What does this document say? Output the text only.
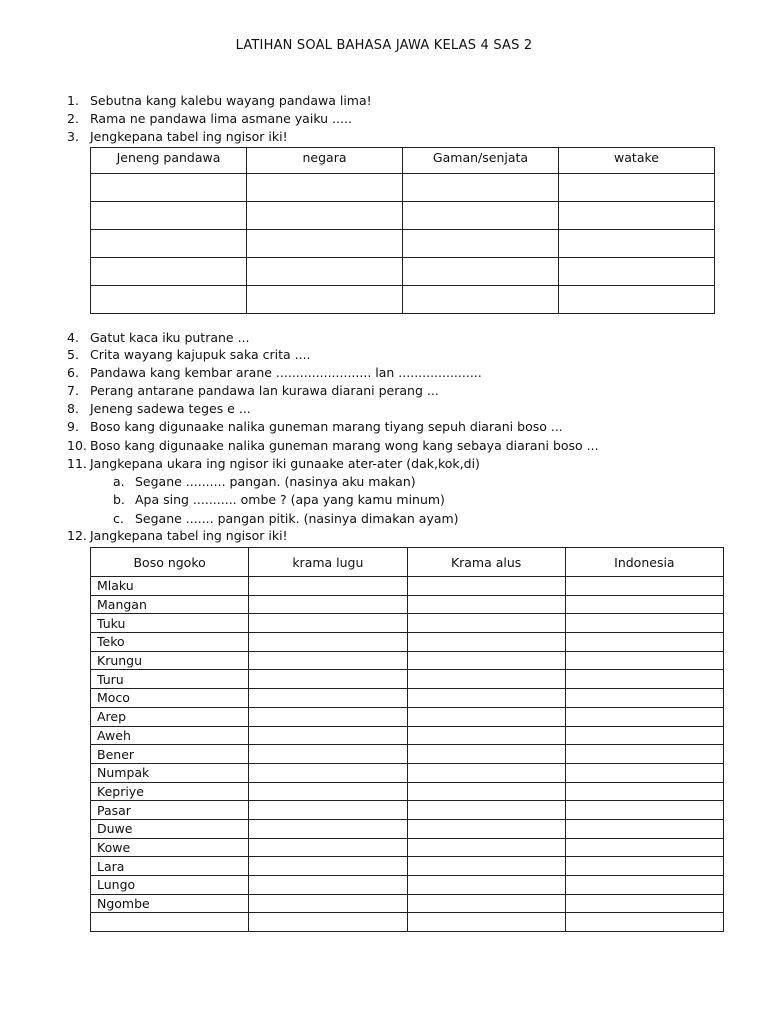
LATIHAN SOAL BAHASA JAWA KELAS 4 SAS 2
1. Sebutna kang kalebu wayang pandawa lima!
2. Rama ne pandawa lima asmane yaiku .....
3. Jengkepana tabel ing ngisor iki!
Jeneng pandawa	negara	Gaman/senjata	watake

4. Gatut kaca iku putrane ...
5. Crita wayang kajupuk saka crita ....
6. Pandawa kang kembar arane ........................ lan .....................
7. Perang antarane pandawa lan kurawa diarani perang ...
8. Jeneng sadewa teges e ...
9. Boso kang digunaake nalika guneman marang tiyang sepuh diarani boso ...
10. Boso kang digunaake nalika guneman marang wong kang sebaya diarani boso ...
11. Jangkepana ukara ing ngisor iki gunaake ater-ater (dak,kok,di)
a. Segane .......... pangan. (nasinya aku makan)
b. Apa sing ........... ombe ? (apa yang kamu minum)
c. Segane ....... pangan pitik. (nasinya dimakan ayam)
12. Jangkepana tabel ing ngisor iki!
Boso ngoko	krama lugu	Krama alus	Indonesia
Mlaku			
Mangan			
Tuku			
Teko			
Krungu			
Turu			
Moco			
Arep			
Aweh			
Bener			
Numpak			
Kepriye			
Pasar			
Duwe			
Kowe			
Lara			
Lungo			
Ngombe			
